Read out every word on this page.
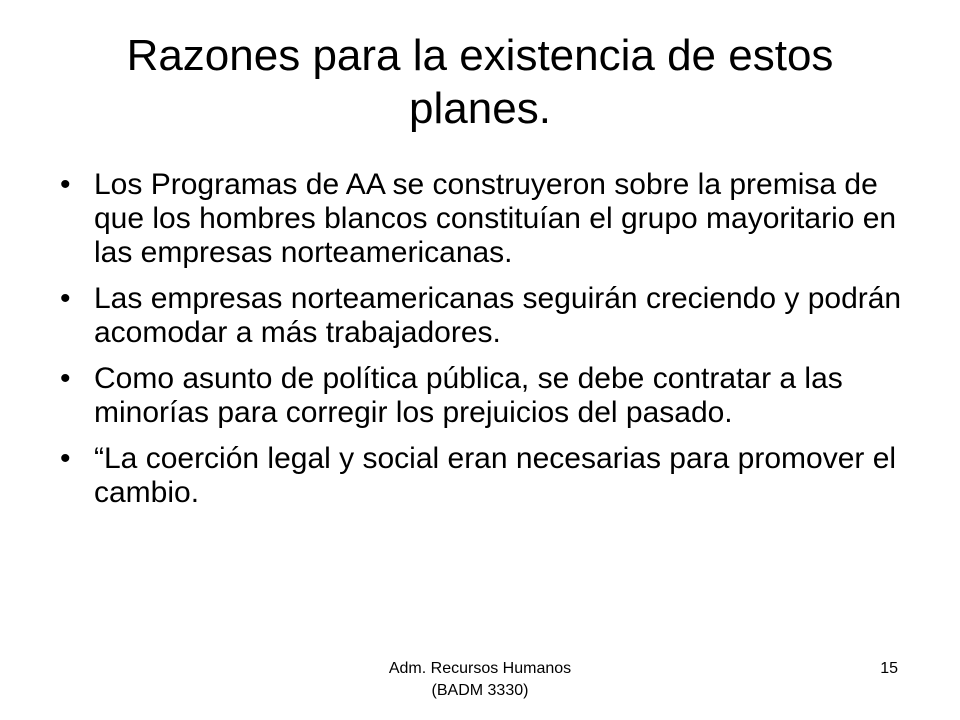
Razones para la existencia de estos planes.
• Los Programas de AA se construyeron sobre la premisa de que los hombres blancos constituían el grupo mayoritario en las empresas norteamericanas.
• Las empresas norteamericanas seguirán creciendo y podrán acomodar a más trabajadores.
• Como asunto de política pública, se debe contratar a las minorías para corregir los prejuicios del pasado.
• “La coerción legal y social eran necesarias para promover el cambio.
Adm. Recursos Humanos
(BADM 3330)
15
